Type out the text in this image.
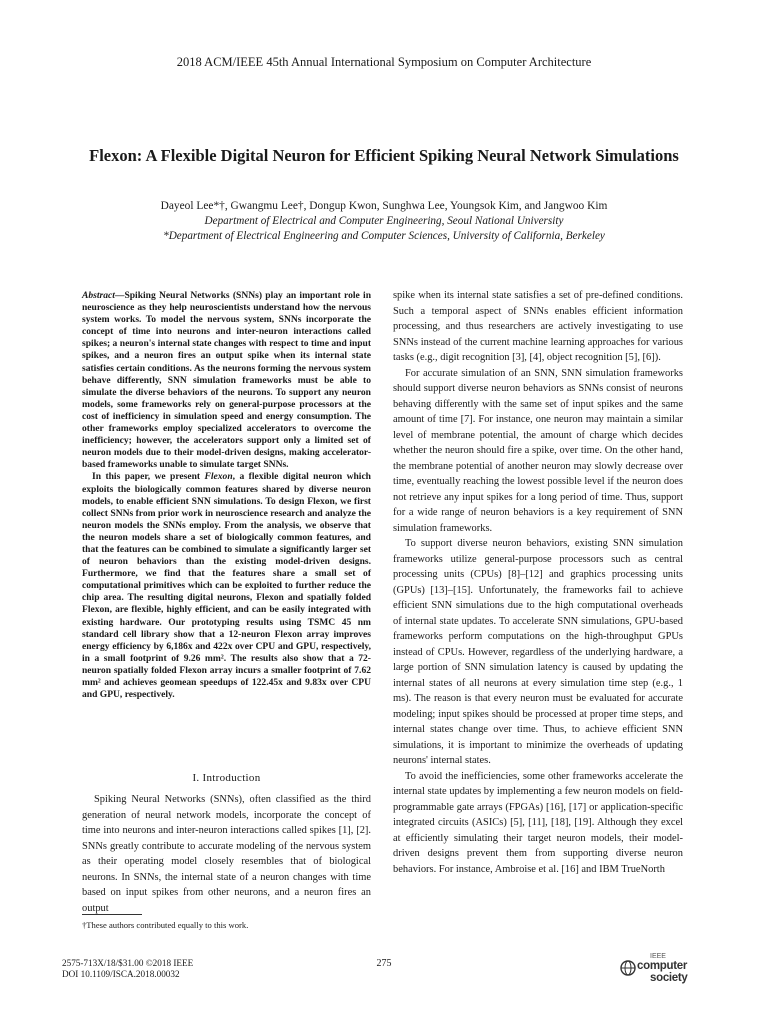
2018 ACM/IEEE 45th Annual International Symposium on Computer Architecture
Flexon: A Flexible Digital Neuron for Efficient Spiking Neural Network Simulations
Dayeol Lee*†, Gwangmu Lee†, Dongup Kwon, Sunghwa Lee, Youngsok Kim, and Jangwoo Kim
Department of Electrical and Computer Engineering, Seoul National University
*Department of Electrical Engineering and Computer Sciences, University of California, Berkeley

Abstract—Spiking Neural Networks (SNNs) play an important role in neuroscience as they help neuroscientists understand how the nervous system works. To model the nervous system, SNNs incorporate the concept of time into neurons and inter-neuron interactions called spikes; a neuron's internal state changes with respect to time and input spikes, and a neuron fires an output spike when its internal state satisfies certain conditions. As the neurons forming the nervous system behave differently, SNN simulation frameworks must be able to simulate the diverse behaviors of the neurons. To support any neuron models, some frameworks rely on general-purpose processors at the cost of inefficiency in simulation speed and energy consumption. The other frameworks employ specialized accelerators to overcome the inefficiency; however, the accelerators support only a limited set of neuron models due to their model-driven designs, making accelerator-based frameworks unable to simulate target SNNs.

In this paper, we present Flexon, a flexible digital neuron which exploits the biologically common features shared by diverse neuron models, to enable efficient SNN simulations. To design Flexon, we first collect SNNs from prior work in neuroscience research and analyze the neuron models the SNNs employ. From the analysis, we observe that the neuron models share a set of biologically common features, and that the features can be combined to simulate a significantly larger set of neuron behaviors than the existing model-driven designs. Furthermore, we find that the features share a small set of computational primitives which can be exploited to further reduce the chip area. The resulting digital neurons, Flexon and spatially folded Flexon, are flexible, highly efficient, and can be easily integrated with existing hardware. Our prototyping results using TSMC 45 nm standard cell library show that a 12-neuron Flexon array improves energy efficiency by 6,186x and 422x over CPU and GPU, respectively, in a small footprint of 9.26 mm². The results also show that a 72-neuron spatially folded Flexon array incurs a smaller footprint of 7.62 mm² and achieves geomean speedups of 122.45x and 9.83x over CPU and GPU, respectively.

I. Introduction

Spiking Neural Networks (SNNs), often classified as the third generation of neural network models, incorporate the concept of time into neurons and inter-neuron interactions called spikes [1], [2]. SNNs greatly contribute to accurate modeling of the nervous system as their operating model closely resembles that of biological neurons. In SNNs, the internal state of a neuron changes with time based on input spikes from other neurons, and a neuron fires an output

†These authors contributed equally to this work.

spike when its internal state satisfies a set of pre-defined conditions. Such a temporal aspect of SNNs enables efficient information processing, and thus researchers are actively investigating to use SNNs instead of the current machine learning approaches for various tasks (e.g., digit recognition [3], [4], object recognition [5], [6]).

For accurate simulation of an SNN, SNN simulation frameworks should support diverse neuron behaviors as SNNs consist of neurons behaving differently with the same set of input spikes and the same amount of time [7]. For instance, one neuron may maintain a similar level of membrane potential, the amount of charge which decides whether the neuron should fire a spike, over time. On the other hand, the membrane potential of another neuron may slowly decrease over time, eventually reaching the lowest possible level if the neuron does not retrieve any input spikes for a long period of time. Thus, support for a wide range of neuron behaviors is a key requirement of SNN simulation frameworks.

To support diverse neuron behaviors, existing SNN simulation frameworks utilize general-purpose processors such as central processing units (CPUs) [8]–[12] and graphics processing units (GPUs) [13]–[15]. Unfortunately, the frameworks fail to achieve efficient SNN simulations due to the high computational overheads of internal state updates. To accelerate SNN simulations, GPU-based frameworks perform computations on the high-throughput GPUs instead of CPUs. However, regardless of the underlying hardware, a large portion of SNN simulation latency is caused by updating the internal states of all neurons at every simulation time step (e.g., 1 ms). The reason is that every neuron must be evaluated for accurate modeling; input spikes should be processed at proper time steps, and internal states change over time. Thus, to achieve efficient SNN simulations, it is important to minimize the overheads of updating neurons' internal states.

To avoid the inefficiencies, some other frameworks accelerate the internal state updates by implementing a few neuron models on field-programmable gate arrays (FPGAs) [16], [17] or application-specific integrated circuits (ASICs) [5], [11], [18], [19]. Although they excel at efficiently simulating their target neuron models, their model-driven designs prevent them from supporting diverse neuron behaviors. For instance, Ambroise et al. [16] and IBM TrueNorth

2575-713X/18/$31.00 ©2018 IEEE
DOI 10.1109/ISCA.2018.00032
275
IEEE
computer
society
